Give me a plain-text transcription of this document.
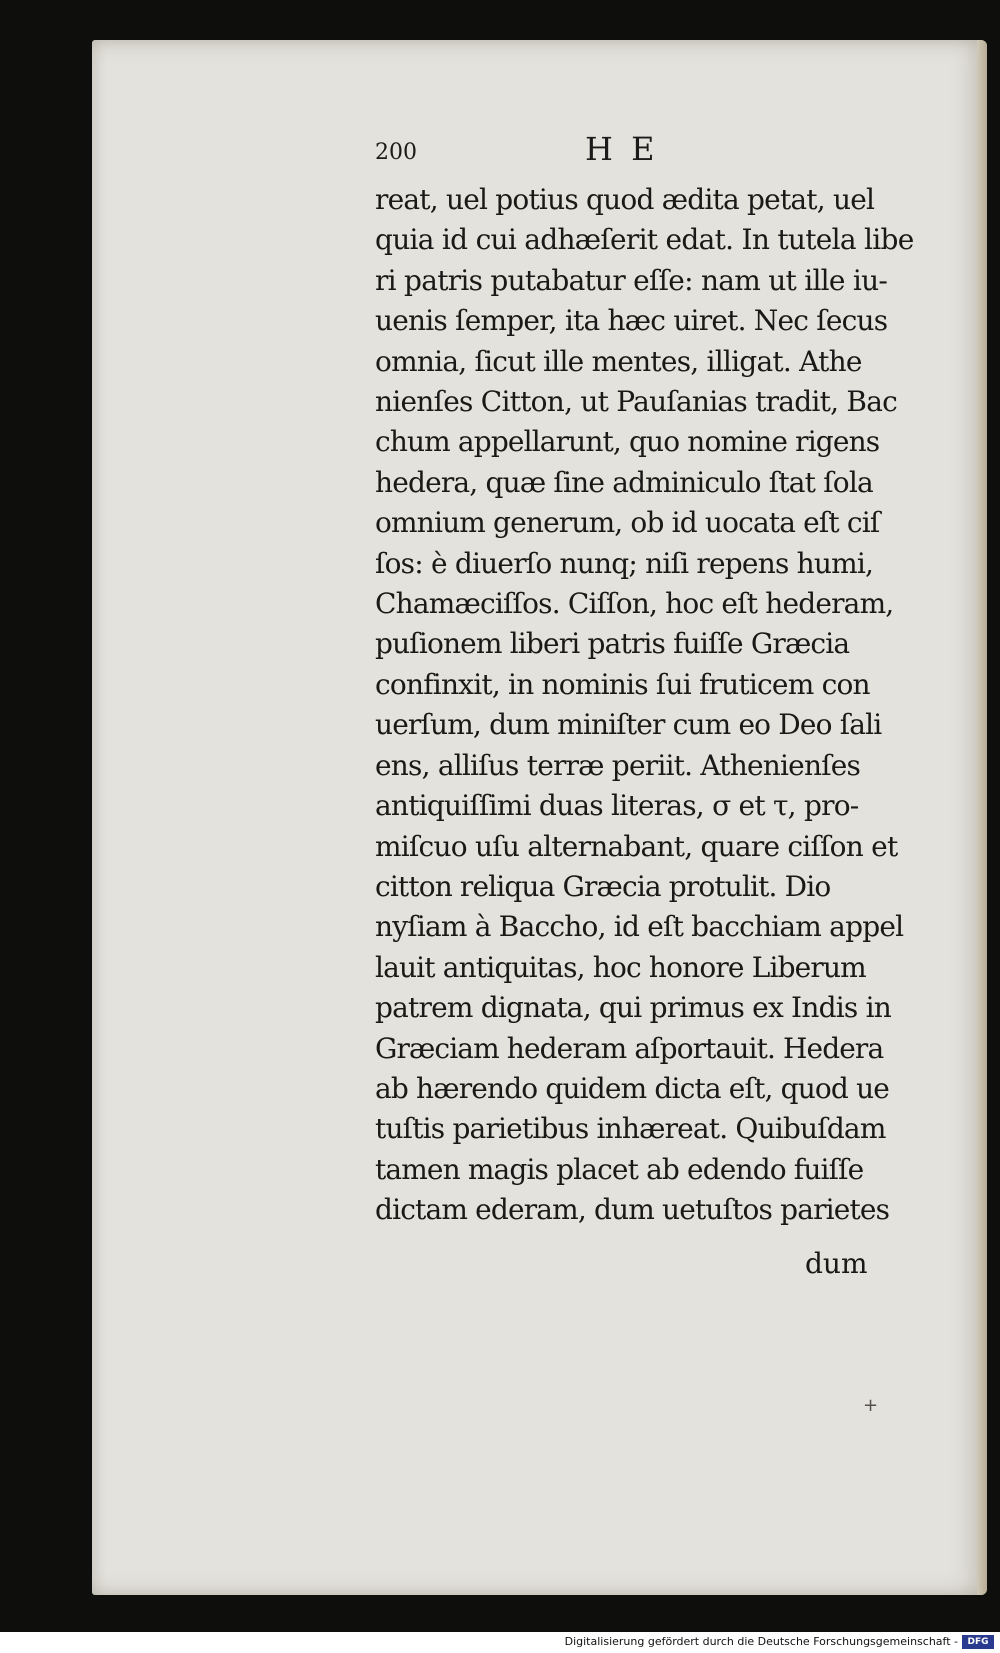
200	H E
reat, uel potius quod ædita petat, uel
quia id cui adhæſerit edat. In tutela libe
ri patris putabatur eſſe: nam ut ille iu-
uenis ſemper, ita hæc uiret. Nec ſecus
omnia, ſicut ille mentes, illigat. Athe
nienſes Citton, ut Pauſanias tradit, Bac
chum appellarunt, quo nomine rigens
hedera, quæ ſine adminiculo ſtat ſola
omnium generum, ob id uocata eſt ciſ
ſos: è diuerſo nunq; niſi repens humi,
Chamæciſſos. Ciſſon, hoc eſt hederam,
puſionem liberi patris fuiſſe Græcia
confinxit, in nominis ſui fruticem con
uerſum, dum miniſter cum eo Deo ſali
ens, alliſus terræ periit. Athenienſes
antiquiſſimi duas literas, σ et τ, pro-
miſcuo uſu alternabant, quare ciſſon et
citton reliqua Græcia protulit. Dio
nyſiam à Baccho, id eſt bacchiam appel
lauit antiquitas, hoc honore Liberum
patrem dignata, qui primus ex Indis in
Græciam hederam aſportauit. Hedera
ab hærendo quidem dicta eſt, quod ue
tuſtis parietibus inhæreat. Quibuſdam
tamen magis placet ab edendo fuiſſe
dictam ederam, dum uetuſtos parietes
dum
+
Digitalisierung gefördert durch die Deutsche Forschungsgemeinschaft -	DFG
